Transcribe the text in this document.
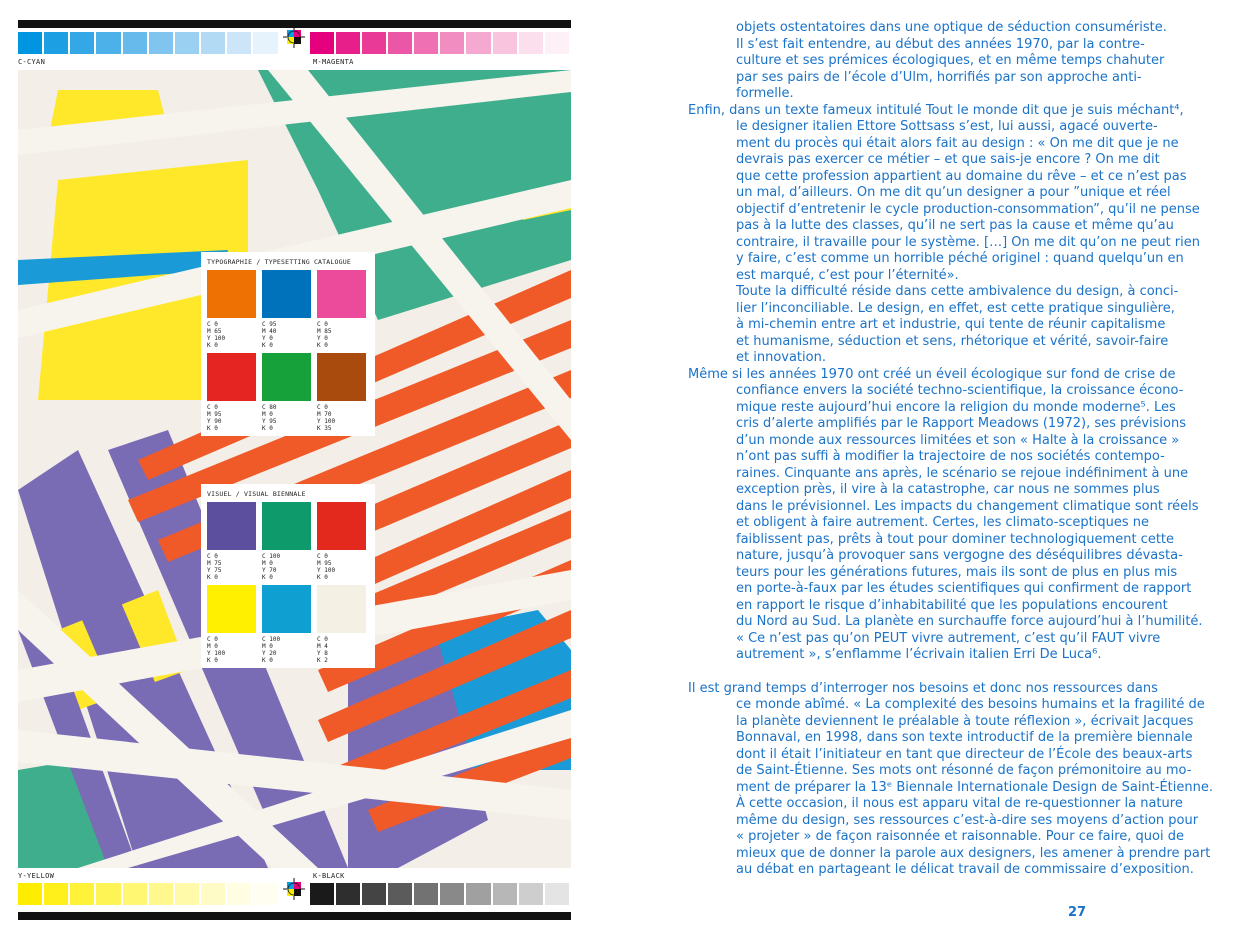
C-CYAN	M-MAGENTA
TYPOGRAPHIE / TYPESETTING CATALOGUE
C 0
M 65
Y 100
K 0
C 95
M 40
Y 0
K 0
C 0
M 85
Y 0
K 0
C 0
M 95
Y 90
K 0
C 80
M 0
Y 95
K 0
C 0
M 70
Y 100
K 35
VISUEL / VISUAL BIENNALE
C 0
M 75
Y 75
K 0
C 100
M 0
Y 70
K 0
C 0
M 95
Y 100
K 0
C 0
M 0
Y 100
K 0
C 100
M 0
Y 20
K 0
C 0
M 4
Y 8
K 2
Y-YELLOW	K-BLACK

objets ostentatoires dans une optique de séduction consumériste.
Il s’est fait entendre, au début des années 1970, par la contre-
culture et ses prémices écologiques, et en même temps chahuter
par ses pairs de l’école d’Ulm, horrifiés par son approche anti-
formelle.

Enfin, dans un texte fameux intitulé Tout le monde dit que je suis méchant⁴,
le designer italien Ettore Sottsass s’est, lui aussi, agacé ouverte-
ment du procès qui était alors fait au design : « On me dit que je ne
devrais pas exercer ce métier – et que sais-je encore ? On me dit
que cette profession appartient au domaine du rêve – et ce n’est pas
un mal, d’ailleurs. On me dit qu’un designer a pour ”unique et réel
objectif d’entretenir le cycle production-consommation”, qu’il ne pense
pas à la lutte des classes, qu’il ne sert pas la cause et même qu’au
contraire, il travaille pour le système. […] On me dit qu’on ne peut rien
y faire, c’est comme un horrible péché originel : quand quelqu’un en
est marqué, c’est pour l’éternité».
Toute la difficulté réside dans cette ambivalence du design, à conci-
lier l’inconciliable. Le design, en effet, est cette pratique singulière,
à mi-chemin entre art et industrie, qui tente de réunir capitalisme
et humanisme, séduction et sens, rhétorique et vérité, savoir-faire
et innovation.

Même si les années 1970 ont créé un éveil écologique sur fond de crise de
confiance envers la société techno-scientifique, la croissance écono-
mique reste aujourd’hui encore la religion du monde moderne⁵. Les
cris d’alerte amplifiés par le Rapport Meadows (1972), ses prévisions
d’un monde aux ressources limitées et son « Halte à la croissance »
n’ont pas suffi à modifier la trajectoire de nos sociétés contempo-
raines. Cinquante ans après, le scénario se rejoue indéfiniment à une
exception près, il vire à la catastrophe, car nous ne sommes plus
dans le prévisionnel. Les impacts du changement climatique sont réels
et obligent à faire autrement. Certes, les climato-sceptiques ne
faiblissent pas, prêts à tout pour dominer technologiquement cette
nature, jusqu’à provoquer sans vergogne des déséquilibres dévasta-
teurs pour les générations futures, mais ils sont de plus en plus mis
en porte-à-faux par les études scientifiques qui confirment de rapport
en rapport le risque d’inhabitabilité que les populations encourent
du Nord au Sud. La planète en surchauffe force aujourd’hui à l’humilité.
« Ce n’est pas qu’on PEUT vivre autrement, c’est qu’il FAUT vivre
autrement », s’enflamme l’écrivain italien Erri De Luca⁶.

Il est grand temps d’interroger nos besoins et donc nos ressources dans
ce monde abîmé. « La complexité des besoins humains et la fragilité de
la planète deviennent le préalable à toute réflexion », écrivait Jacques
Bonnaval, en 1998, dans son texte introductif de la première biennale
dont il était l’initiateur en tant que directeur de l’École des beaux-arts
de Saint-Étienne. Ses mots ont résonné de façon prémonitoire au mo-
ment de préparer la 13ᵉ Biennale Internationale Design de Saint-Étienne.
À cette occasion, il nous est apparu vital de re-questionner la nature
même du design, ses ressources c’est-à-dire ses moyens d’action pour
« projeter » de façon raisonnée et raisonnable. Pour ce faire, quoi de
mieux que de donner la parole aux designers, les amener à prendre part
au débat en partageant le délicat travail de commissaire d’exposition.

27
